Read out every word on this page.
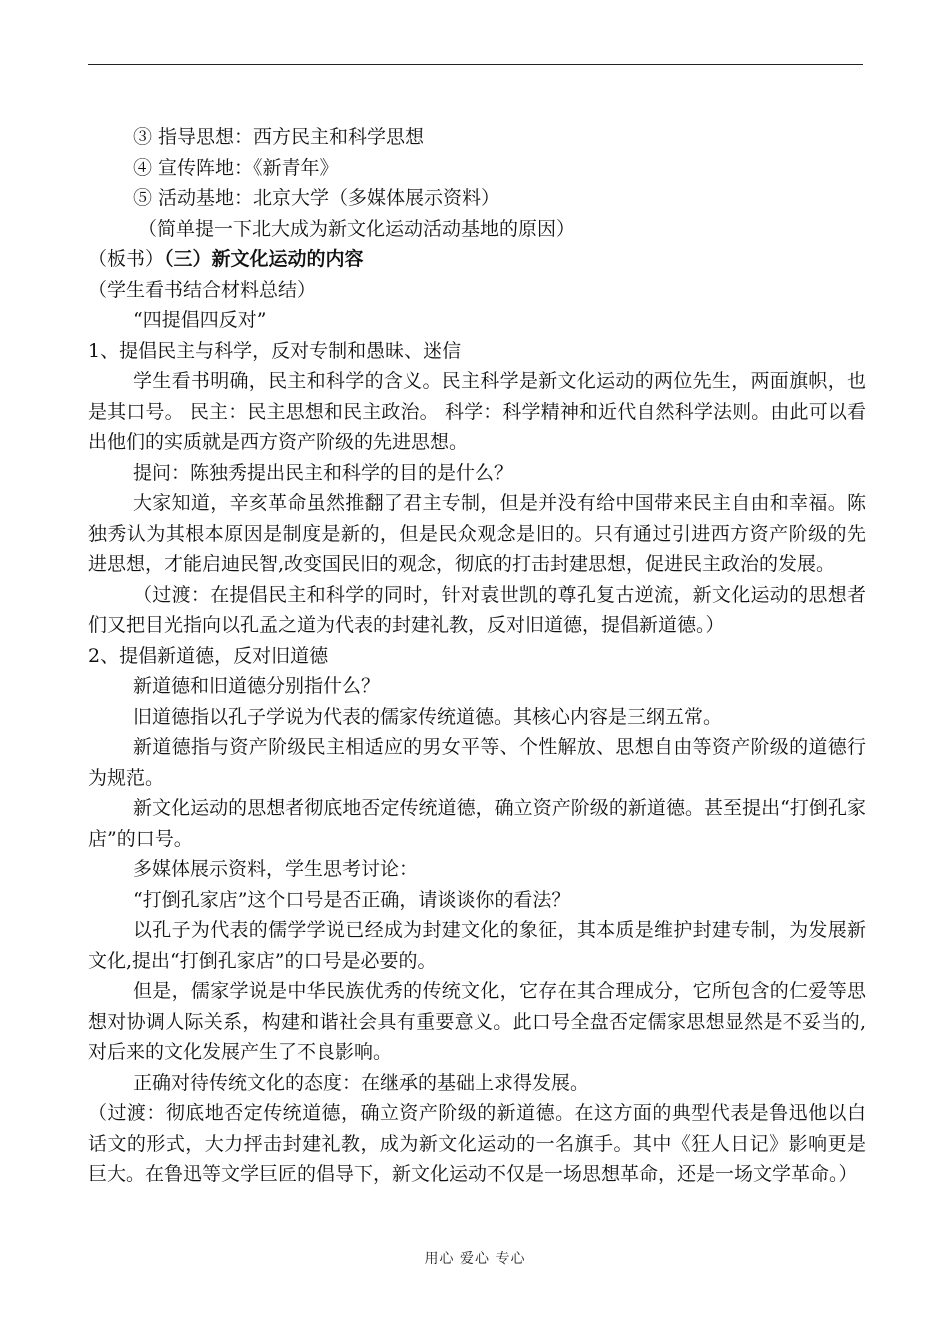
③ 指导思想：西方民主和科学思想

④ 宣传阵地：《新青年》

⑤ 活动基地：北京大学（多媒体展示资料）

（简单提一下北大成为新文化运动活动基地的原因）

（板书）（三）新文化运动的内容

（学生看书结合材料总结）

“四提倡四反对”

1、提倡民主与科学，反对专制和愚昧、迷信

学生看书明确，民主和科学的含义。民主科学是新文化运动的两位先生，两面旗帜，也是其口号。 民主：民主思想和民主政治。 科学：科学精神和近代自然科学法则。由此可以看出他们的实质就是西方资产阶级的先进思想。

提问：陈独秀提出民主和科学的目的是什么？

大家知道，辛亥革命虽然推翻了君主专制，但是并没有给中国带来民主自由和幸福。陈独秀认为其根本原因是制度是新的，但是民众观念是旧的。只有通过引进西方资产阶级的先进思想，才能启迪民智,改变国民旧的观念，彻底的打击封建思想，促进民主政治的发展。

（过渡：在提倡民主和科学的同时，针对袁世凯的尊孔复古逆流，新文化运动的思想者们又把目光指向以孔孟之道为代表的封建礼教，反对旧道德，提倡新道德。）

2、提倡新道德，反对旧道德

新道德和旧道德分别指什么？

旧道德指以孔子学说为代表的儒家传统道德。其核心内容是三纲五常。

新道德指与资产阶级民主相适应的男女平等、个性解放、思想自由等资产阶级的道德行为规范。

新文化运动的思想者彻底地否定传统道德，确立资产阶级的新道德。甚至提出“打倒孔家店”的口号。

多媒体展示资料，学生思考讨论：

“打倒孔家店”这个口号是否正确，请谈谈你的看法？

以孔子为代表的儒学学说已经成为封建文化的象征，其本质是维护封建专制，为发展新文化,提出“打倒孔家店”的口号是必要的。

但是，儒家学说是中华民族优秀的传统文化，它存在其合理成分，它所包含的仁爱等思想对协调人际关系，构建和谐社会具有重要意义。此口号全盘否定儒家思想显然是不妥当的,对后来的文化发展产生了不良影响。

正确对待传统文化的态度：在继承的基础上求得发展。

（过渡：彻底地否定传统道德，确立资产阶级的新道德。在这方面的典型代表是鲁迅他以白话文的形式，大力抨击封建礼教，成为新文化运动的一名旗手。其中《狂人日记》影响更是巨大。在鲁迅等文学巨匠的倡导下，新文化运动不仅是一场思想革命，还是一场文学革命。）

用心 爱心 专心
